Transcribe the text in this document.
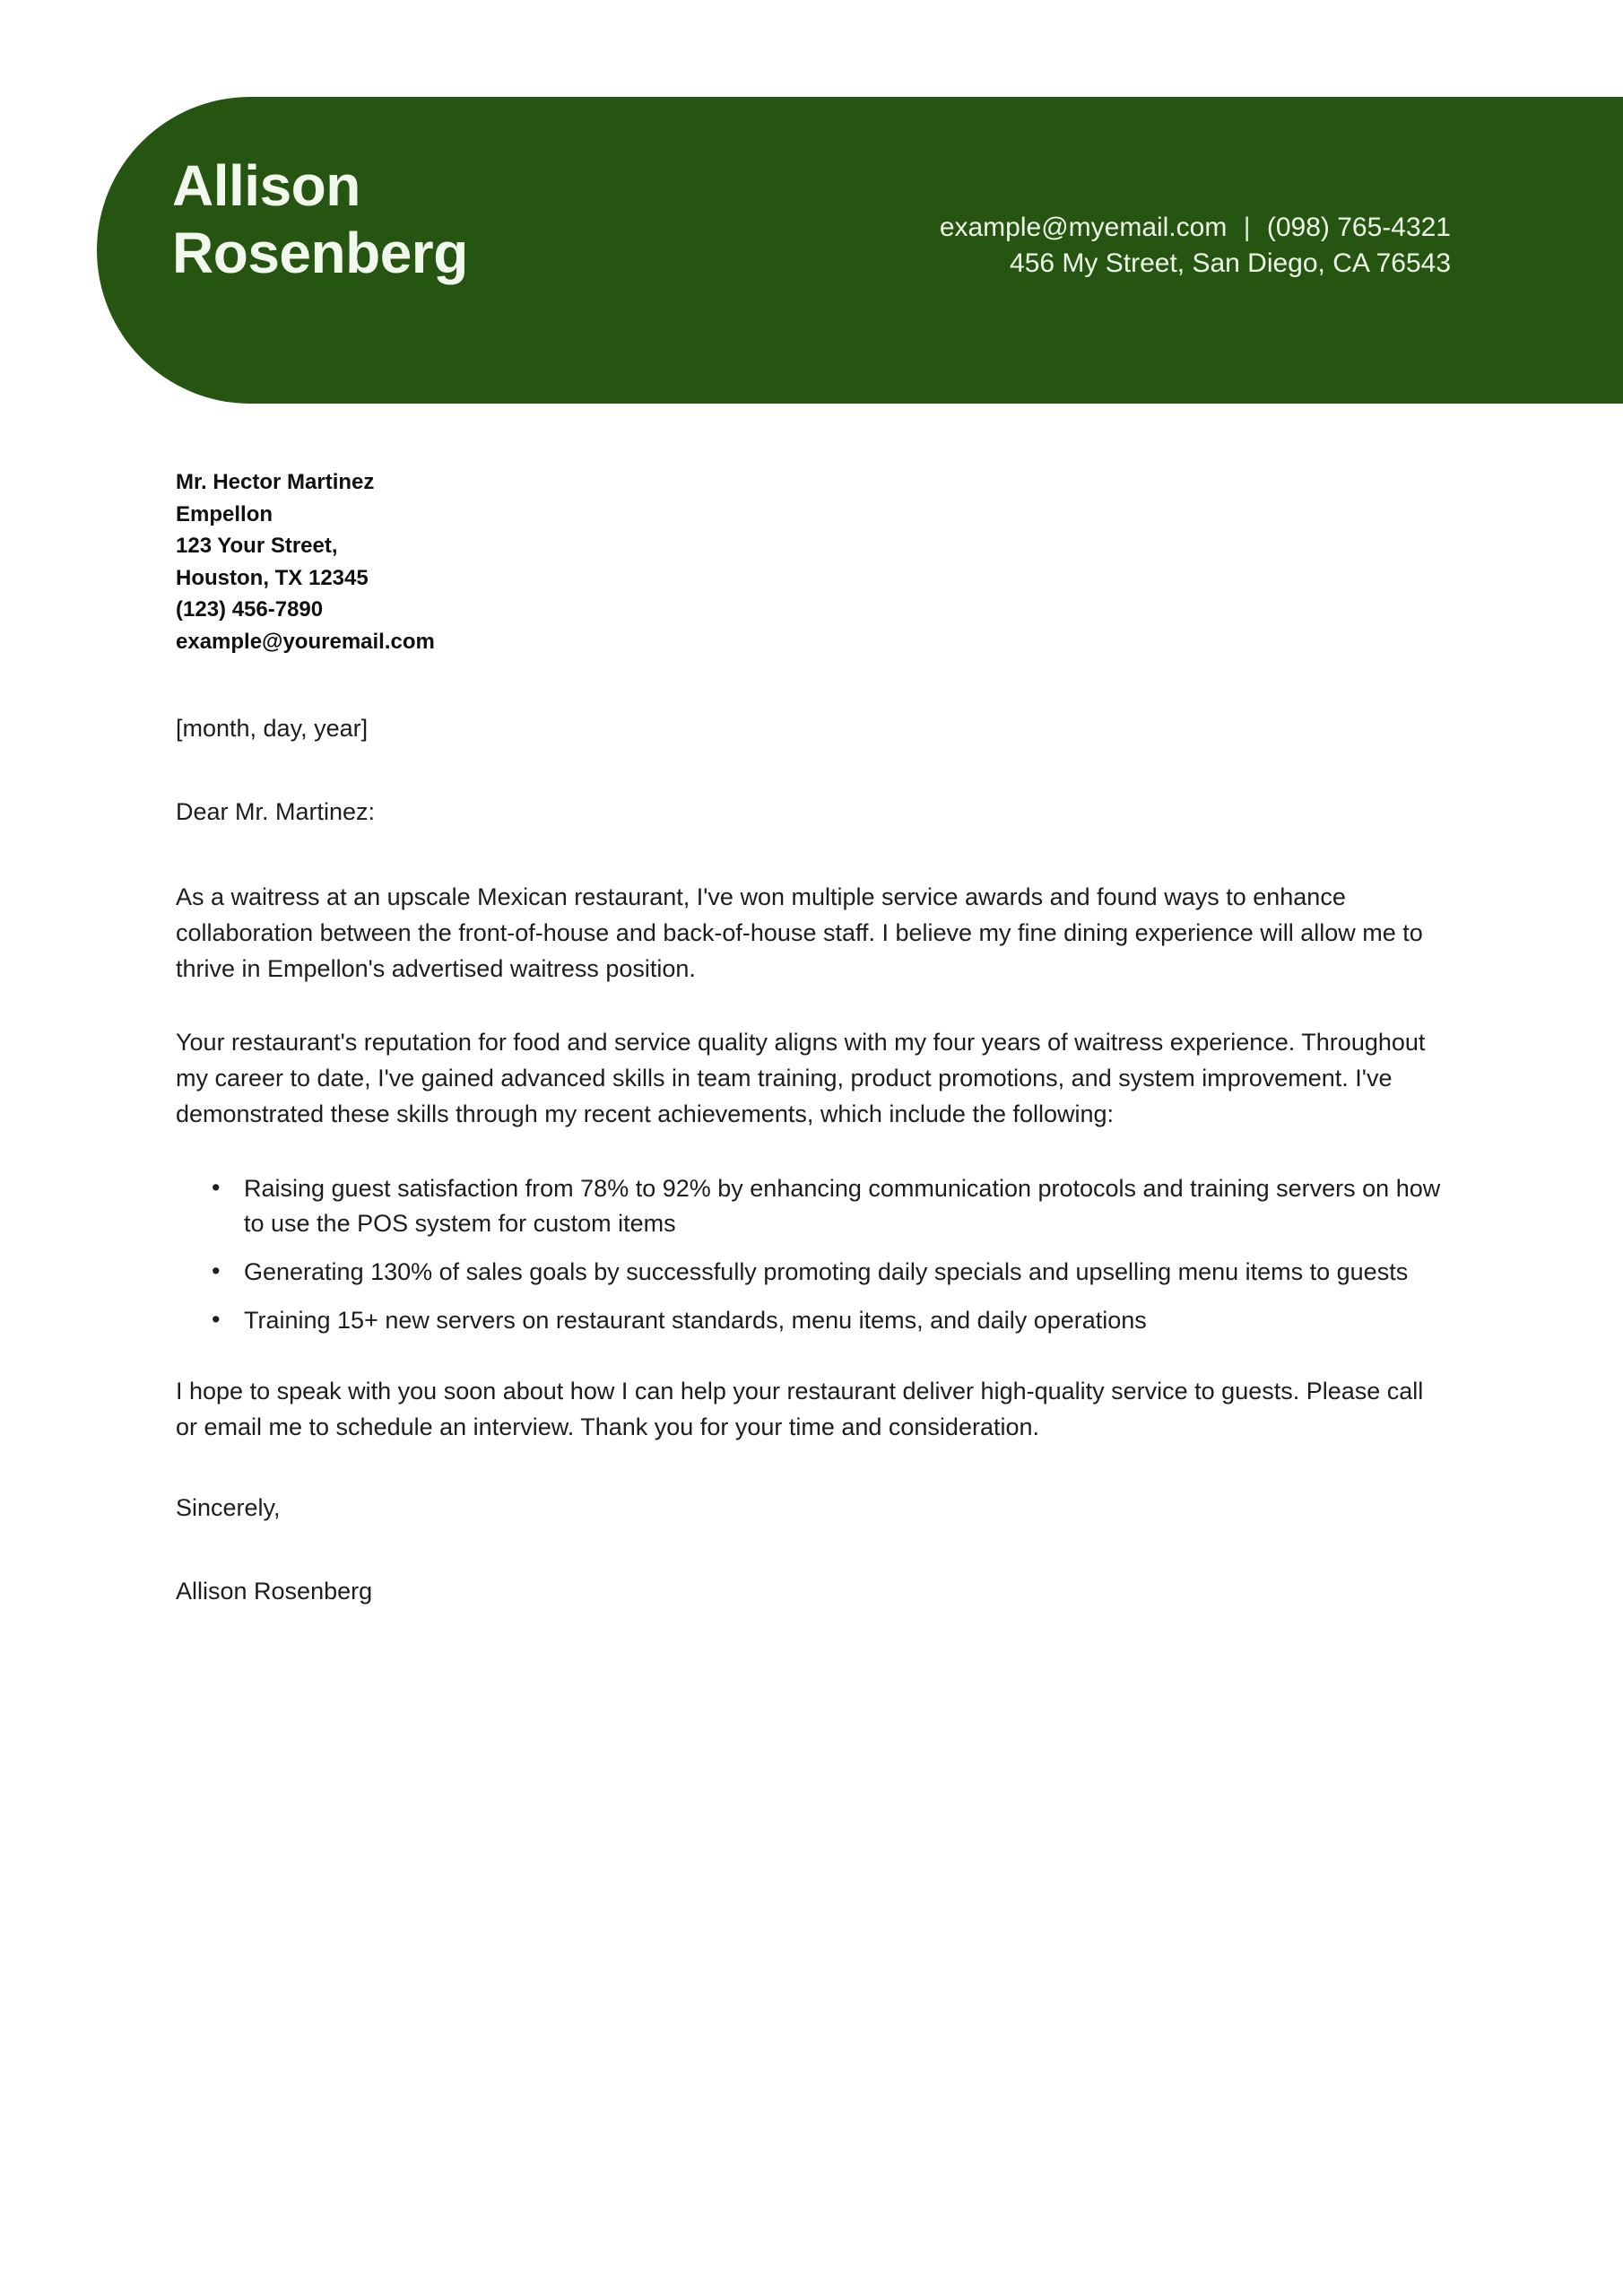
Allison
Rosenberg	example@myemail.com | (098) 765-4321
456 My Street, San Diego, CA 76543
Mr. Hector Martinez
Empellon
123 Your Street,
Houston, TX 12345
(123) 456-7890
example@youremail.com
[month, day, year]
Dear Mr. Martinez:

As a waitress at an upscale Mexican restaurant, I've won multiple service awards and found ways to enhance collaboration between the front-of-house and back-of-house staff. I believe my fine dining experience will allow me to thrive in Empellon's advertised waitress position.

Your restaurant's reputation for food and service quality aligns with my four years of waitress experience. Throughout my career to date, I've gained advanced skills in team training, product promotions, and system improvement. I've demonstrated these skills through my recent achievements, which include the following:

• Raising guest satisfaction from 78% to 92% by enhancing communication protocols and training servers on how to use the POS system for custom items
• Generating 130% of sales goals by successfully promoting daily specials and upselling menu items to guests
• Training 15+ new servers on restaurant standards, menu items, and daily operations

I hope to speak with you soon about how I can help your restaurant deliver high-quality service to guests. Please call or email me to schedule an interview. Thank you for your time and consideration.

Sincerely,
Allison Rosenberg
